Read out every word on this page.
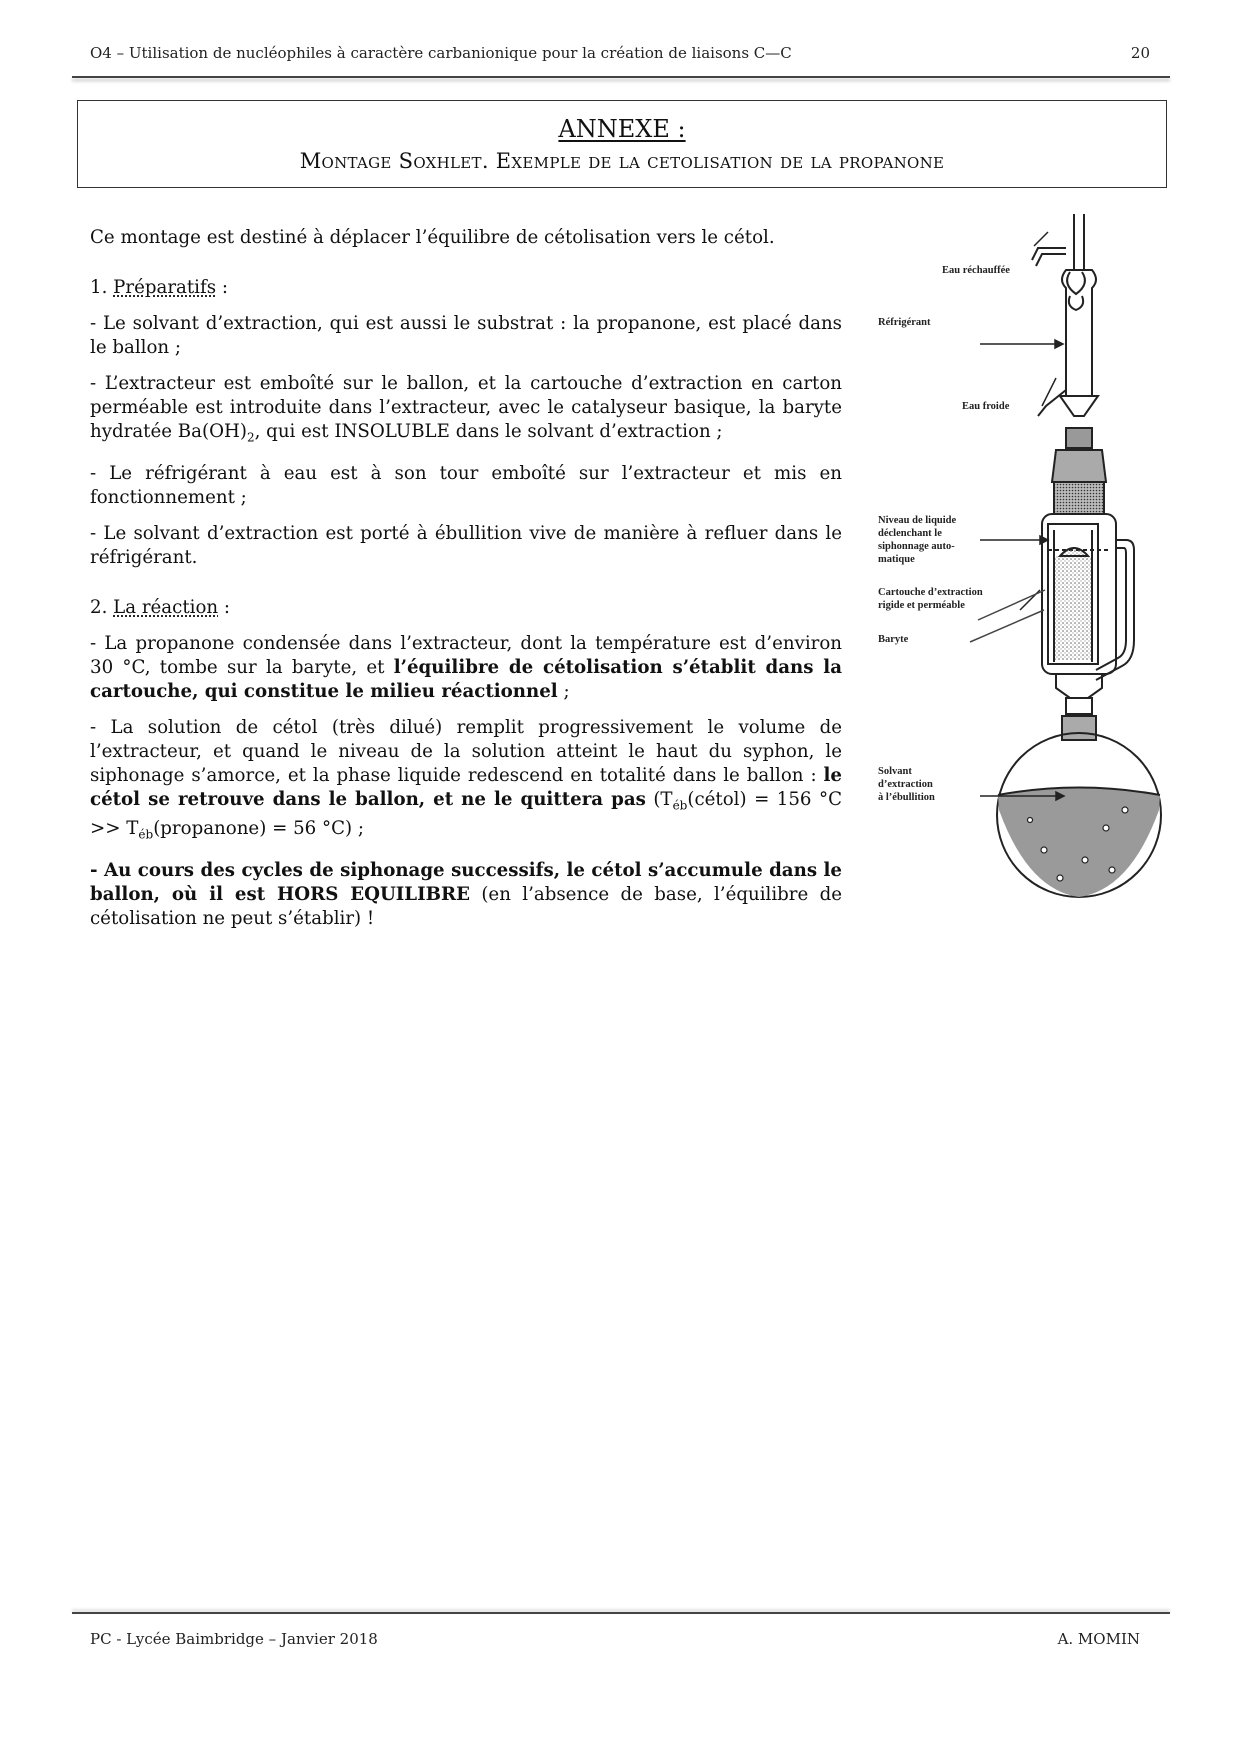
O4 – Utilisation de nucléophiles à caractère carbanionique pour la création de liaisons C—C	20
ANNEXE :
Montage Soxhlet. Exemple de la cetolisation de la propanone

Ce montage est destiné à déplacer l’équilibre de cétolisation vers le cétol.

1. Préparatifs :

- Le solvant d’extraction, qui est aussi le substrat : la propanone, est placé dans le ballon ;

- L’extracteur est emboîté sur le ballon, et la cartouche d’extraction en carton perméable est introduite dans l’extracteur, avec le catalyseur basique, la baryte hydratée $Ba(OH)_2$, qui est INSOLUBLE dans le solvant d’extraction ;

- Le réfrigérant à eau est à son tour emboîté sur l’extracteur et mis en fonctionnement ;

- Le solvant d’extraction est porté à ébullition vive de manière à refluer dans le réfrigérant.

2. La réaction :

- La propanone condensée dans l’extracteur, dont la température est d’environ 30 °C, tombe sur la baryte, et l’équilibre de cétolisation s’établit dans la cartouche, qui constitue le milieu réactionnel ;

- La solution de cétol (très dilué) remplit progressivement le volume de l’extracteur, et quand le niveau de la solution atteint le haut du syphon, le siphonage s’amorce, et la phase liquide redescend en totalité dans le ballon : le cétol se retrouve dans le ballon, et ne le quittera pas ($T_{éb}(cétol) = 156$ $^\circ C >> T_{éb}(propanone) = 56$ °C) ;

- Au cours des cycles de siphonage successifs, le cétol s’accumule dans le ballon, où il est HORS EQUILIBRE (en l’absence de base, l’équilibre de cétolisation ne peut s’établir) !

Eau réchauffée
Réfrigérant
Eau froide
Niveau de liquide
déclenchant le
siphonnage auto-
matique
Cartouche d’extraction
rigide et perméable
Baryte
Solvant
d’extraction
à l’ébullition
PC - Lycée Baimbridge – Janvier 2018	A. MOMIN
